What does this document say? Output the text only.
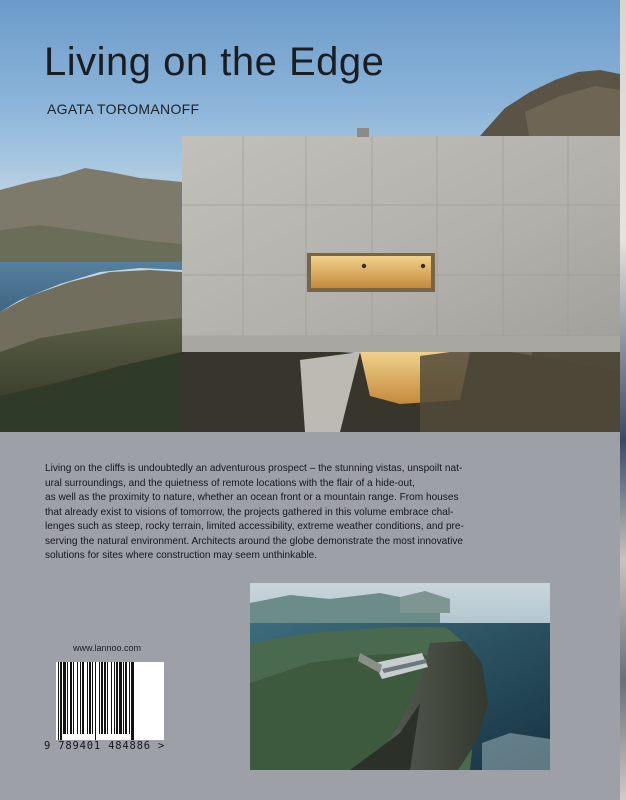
Living on the Edge

AGATA TOROMANOFF

Living on the cliffs is undoubtedly an adventurous prospect – the stunning vistas, unspoilt nat-
ural surroundings, and the quietness of remote locations with the flair of a hide-out,
as well as the proximity to nature, whether an ocean front or a mountain range. From houses
that already exist to visions of tomorrow, the projects gathered in this volume embrace chal-
lenges such as steep, rocky terrain, limited accessibility, extreme weather conditions, and pre-
serving the natural environment. Architects around the globe demonstrate the most innovative
solutions for sites where construction may seem unthinkable.

www.lannoo.com

9 789401 484886 >
